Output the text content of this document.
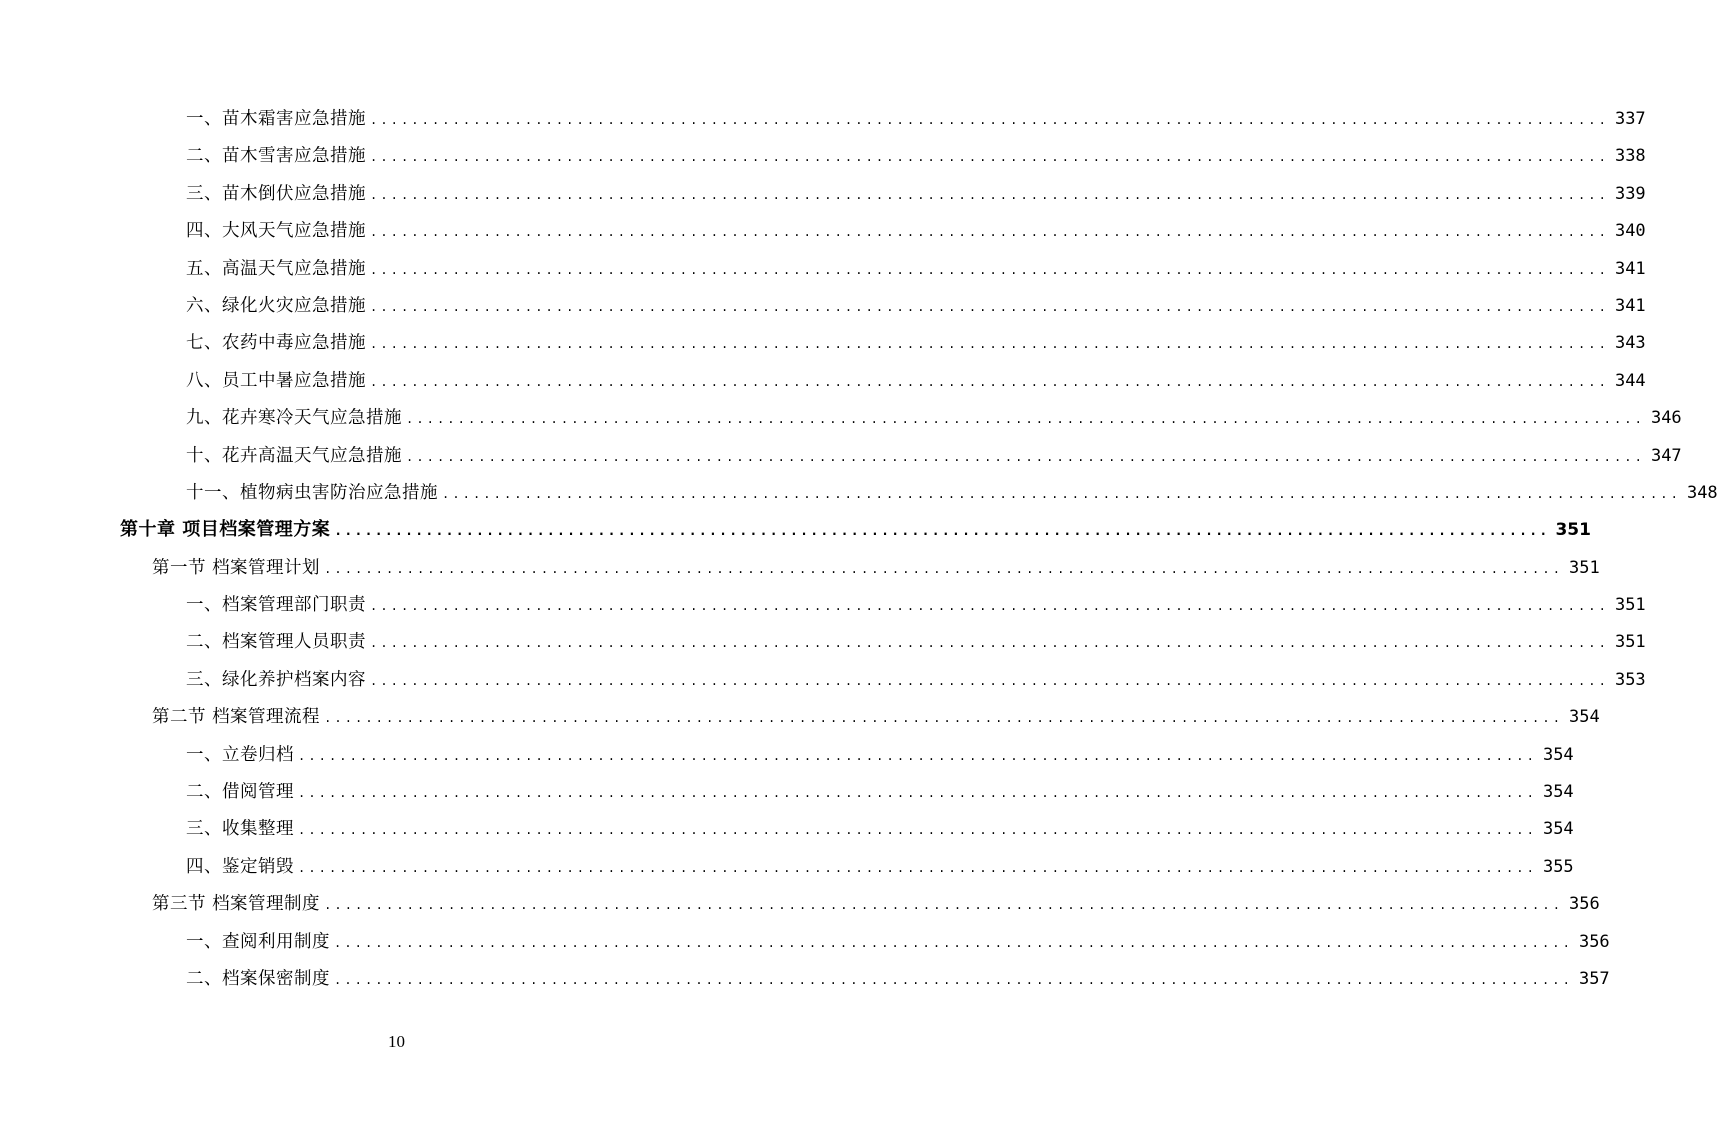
一、苗木霜害应急措施 ........................................................................................................................ 337
二、苗木雪害应急措施 ........................................................................................................................ 338
三、苗木倒伏应急措施 ........................................................................................................................ 339
四、大风天气应急措施 ........................................................................................................................ 340
五、高温天气应急措施 ........................................................................................................................ 341
六、绿化火灾应急措施 ........................................................................................................................ 341
七、农药中毒应急措施 ........................................................................................................................ 343
八、员工中暑应急措施 ........................................................................................................................ 344
九、花卉寒冷天气应急措施 ........................................................................................................................ 346
十、花卉高温天气应急措施 ........................................................................................................................ 347
十一、植物病虫害防治应急措施 ........................................................................................................................ 348
第十章 项目档案管理方案 ........................................................................................................................ 351
第一节 档案管理计划 ........................................................................................................................ 351
一、档案管理部门职责 ........................................................................................................................ 351
二、档案管理人员职责 ........................................................................................................................ 351
三、绿化养护档案内容 ........................................................................................................................ 353
第二节 档案管理流程 ........................................................................................................................ 354
一、立卷归档 ........................................................................................................................ 354
二、借阅管理 ........................................................................................................................ 354
三、收集整理 ........................................................................................................................ 354
四、鉴定销毁 ........................................................................................................................ 355
第三节 档案管理制度 ........................................................................................................................ 356
一、查阅利用制度 ........................................................................................................................ 356
二、档案保密制度 ........................................................................................................................ 357
10
